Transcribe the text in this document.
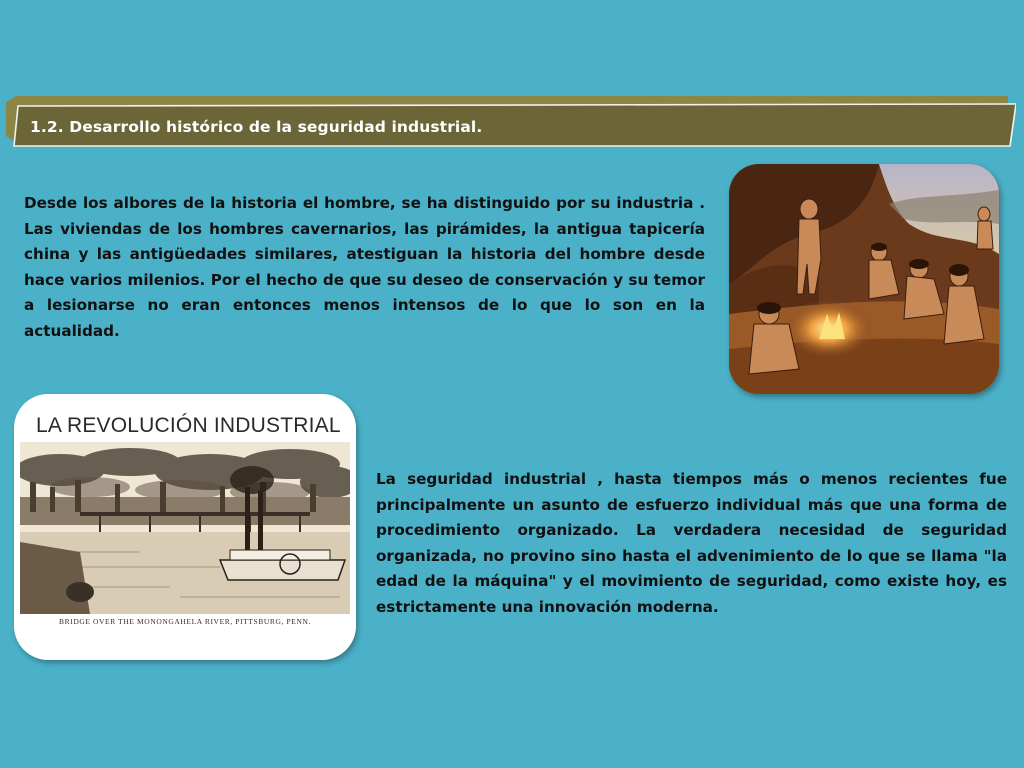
1.2. Desarrollo histórico de la seguridad industrial.

Desde los albores de la historia el hombre, se ha distinguido por su industria . Las viviendas de los hombres cavernarios, las pirámides, la antigua tapicería china y las antigüedades similares, atestiguan la historia del hombre desde hace varios milenios. Por el hecho de que su deseo de conservación y su temor a lesionarse no eran entonces menos intensos de lo que lo son en la actualidad.

LA REVOLUCIÓN INDUSTRIAL
BRIDGE OVER THE MONONGAHELA RIVER, PITTSBURG, PENN.

La seguridad industrial , hasta tiempos más o menos recientes fue principalmente un asunto de esfuerzo individual más que una forma de procedimiento organizado. La verdadera necesidad de seguridad organizada, no provino sino hasta el advenimiento de lo que se llama "la edad de la máquina" y el movimiento de seguridad, como existe hoy, es estrictamente una innovación moderna.
